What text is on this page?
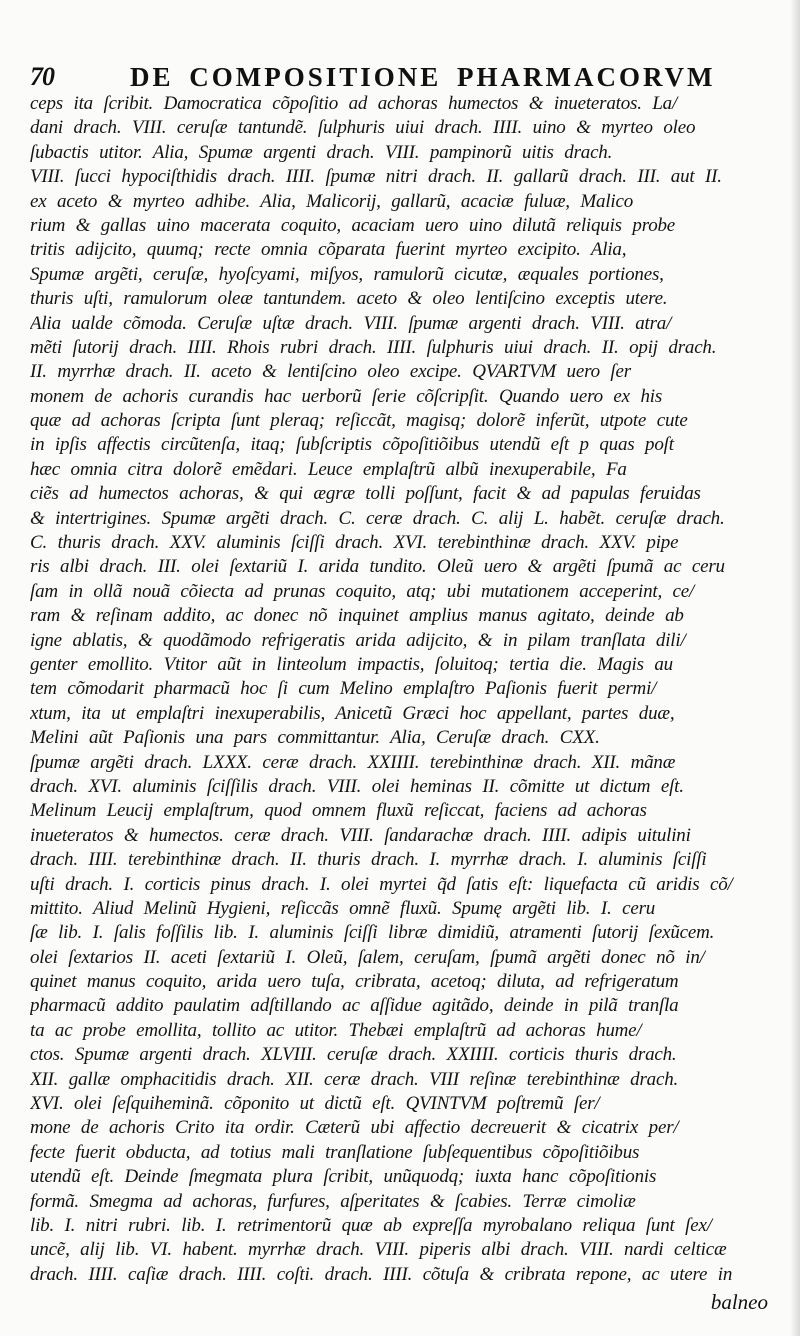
70	DE COMPOSITIONE PHARMACORVM
ceps ita ſcribit. Damocratica cõpoſitio ad achoras humectos & inueteratos. La/
dani drach. VIII. ceruſæ tantundẽ. ſulphuris uiui drach. IIII. uino & myrteo oleo
ſubactis utitor. Alia, Spumæ argenti drach. VIII. pampinorũ uitis drach.
VIII. ſucci hypociſthidis drach. IIII. ſpumæ nitri drach. II. gallarũ drach. III. aut II.
ex aceto & myrteo adhibe. Alia, Malicorij, gallarũ, acaciæ fuluæ, Malico
rium & gallas uino macerata coquito, acaciam uero uino dilutã reliquis probe
tritis adijcito, quumq; recte omnia cõparata fuerint myrteo excipito. Alia,
Spumæ argẽti, ceruſæ, hyoſcyami, miſyos, ramulorũ cicutæ, æquales portiones,
thuris uſti, ramulorum oleæ tantundem. aceto & oleo lentiſcino exceptis utere.
Alia ualde cõmoda. Ceruſæ uſtæ drach. VIII. ſpumæ argenti drach. VIII. atra/
mẽti ſutorij drach. IIII. Rhois rubri drach. IIII. ſulphuris uiui drach. II. opij drach.
II. myrrhæ drach. II. aceto & lentiſcino oleo excipe. QVARTVM uero ſer
monem de achoris curandis hac uerborũ ſerie cõſcripſit. Quando uero ex his
quæ ad achoras ſcripta ſunt pleraq; reſiccãt, magisq; dolorẽ inferũt, utpote cute
in ipſis affectis circũtenſa, itaq; ſubſcriptis cõpoſitiõibus utendũ eſt p quas poſt
hæc omnia citra dolorẽ emẽdari. Leuce emplaſtrũ albũ inexuperabile, Fa
ciẽs ad humectos achoras, & qui ægræ tolli poſſunt, facit & ad papulas feruidas
& intertrigines. Spumæ argẽti drach. C. ceræ drach. C. alij L. habẽt. ceruſæ drach.
C. thuris drach. XXV. aluminis ſciſſi drach. XVI. terebinthinæ drach. XXV. pipe
ris albi drach. III. olei ſextariũ I. arida tundito. Oleũ uero & argẽti ſpumã ac ceru
ſam in ollã nouã cõiecta ad prunas coquito, atq; ubi mutationem acceperint, ce/
ram & reſinam addito, ac donec nõ inquinet amplius manus agitato, deinde ab
igne ablatis, & quodãmodo refrigeratis arida adijcito, & in pilam tranſlata dili/
genter emollito. Vtitor aũt in linteolum impactis, ſoluitoq; tertia die. Magis au
tem cõmodarit pharmacũ hoc ſi cum Melino emplaſtro Paſionis fuerit permi/
xtum, ita ut emplaſtri inexuperabilis, Anicetũ Græci hoc appellant, partes duæ,
Melini aũt Paſionis una pars committantur. Alia, Ceruſæ drach. CXX.
ſpumæ argẽti drach. LXXX. ceræ drach. XXIIII. terebinthinæ drach. XII. mãnæ
drach. XVI. aluminis ſciſſilis drach. VIII. olei heminas II. cõmitte ut dictum eſt.
Melinum Leucij emplaſtrum, quod omnem fluxũ reſiccat, faciens ad achoras
inueteratos & humectos. ceræ drach. VIII. ſandarachæ drach. IIII. adipis uitulini
drach. IIII. terebinthinæ drach. II. thuris drach. I. myrrhæ drach. I. aluminis ſciſſi
uſti drach. I. corticis pinus drach. I. olei myrtei q̃d ſatis eſt: liquefacta cũ aridis cõ/
mittito. Aliud Melinũ Hygieni, reſiccãs omnẽ fluxũ. Spumę argẽti lib. I. ceru
ſæ lib. I. ſalis foſſilis lib. I. aluminis ſciſſi libræ dimidiũ, atramenti ſutorij ſexũcem.
olei ſextarios II. aceti ſextariũ I. Oleũ, ſalem, ceruſam, ſpumã argẽti donec nõ in/
quinet manus coquito, arida uero tuſa, cribrata, acetoq; diluta, ad refrigeratum
pharmacũ addito paulatim adſtillando ac aſſidue agitãdo, deinde in pilã tranſla
ta ac probe emollita, tollito ac utitor. Thebæi emplaſtrũ ad achoras hume/
ctos. Spumæ argenti drach. XLVIII. ceruſæ drach. XXIIII. corticis thuris drach.
XII. gallæ omphacitidis drach. XII. ceræ drach. VIII reſinæ terebinthinæ drach.
XVI. olei ſeſquiheminã. cõponito ut dictũ eſt. QVINTVM poſtremũ ſer/
mone de achoris Crito ita ordir. Cæterũ ubi affectio decreuerit & cicatrix per/
fecte fuerit obducta, ad totius mali tranſlatione ſubſequentibus cõpoſitiõibus
utendũ eſt. Deinde ſmegmata plura ſcribit, unũquodq; iuxta hanc cõpoſitionis
formã. Smegma ad achoras, furfures, aſperitates & ſcabies. Terræ cimoliæ
lib. I. nitri rubri. lib. I. retrimentorũ quæ ab expreſſa myrobalano reliqua ſunt ſex/
uncẽ, alij lib. VI. habent. myrrhæ drach. VIII. piperis albi drach. VIII. nardi celticæ
drach. IIII. caſiæ drach. IIII. coſti. drach. IIII. cõtuſa & cribrata repone, ac utere in
balneo
